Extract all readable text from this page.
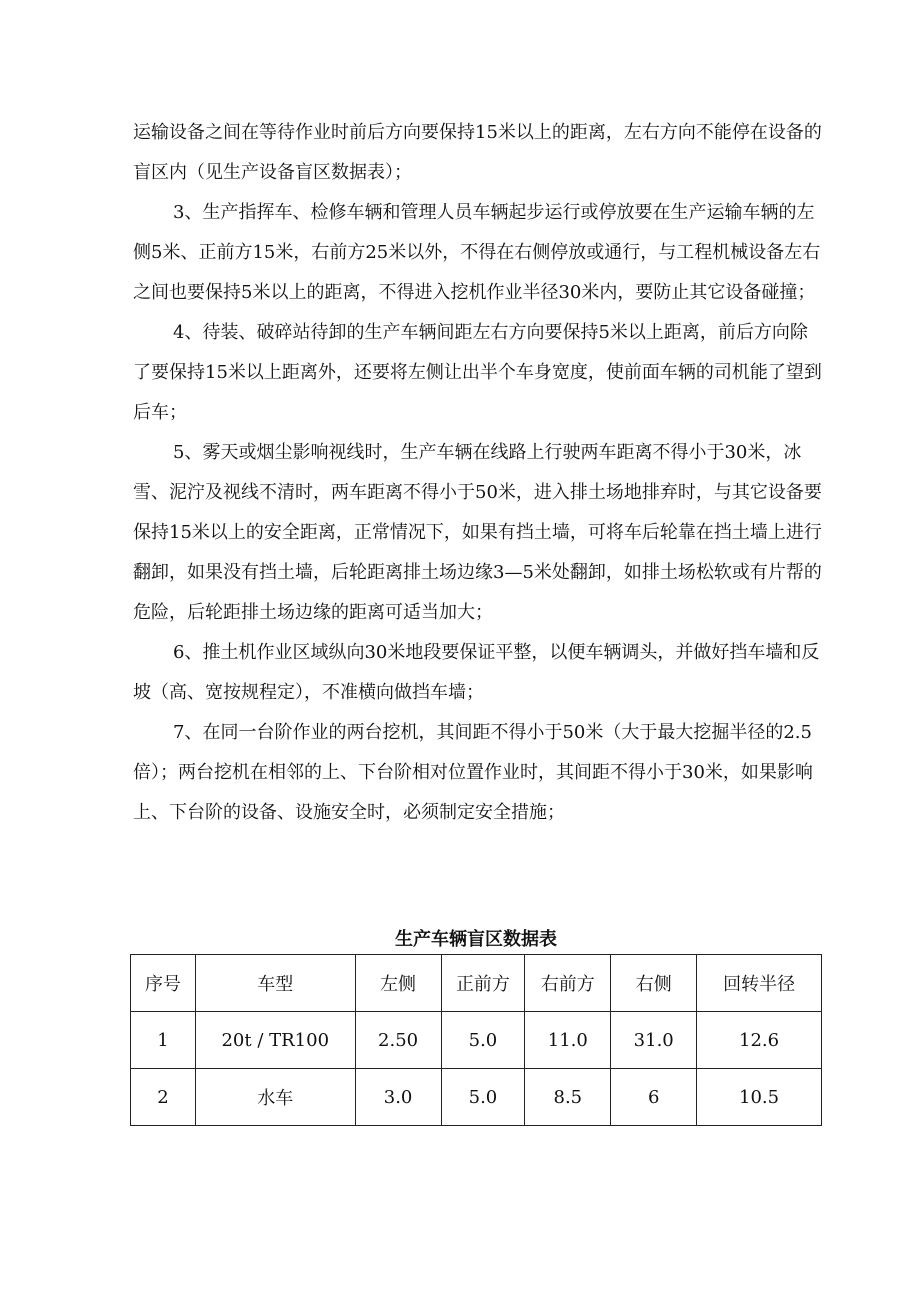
运输设备之间在等待作业时前后方向要保持15米以上的距离，左右方向不能停在设备的盲区内（见生产设备盲区数据表）；

3、生产指挥车、检修车辆和管理人员车辆起步运行或停放要在生产运输车辆的左侧5米、正前方15米，右前方25米以外，不得在右侧停放或通行，与工程机械设备左右之间也要保持5米以上的距离，不得进入挖机作业半径30米内，要防止其它设备碰撞；

4、待装、破碎站待卸的生产车辆间距左右方向要保持5米以上距离，前后方向除了要保持15米以上距离外，还要将左侧让出半个车身宽度，使前面车辆的司机能了望到后车；

5、雾天或烟尘影响视线时，生产车辆在线路上行驶两车距离不得小于30米，冰雪、泥泞及视线不清时，两车距离不得小于50米，进入排土场地排弃时，与其它设备要保持15米以上的安全距离，正常情况下，如果有挡土墙，可将车后轮靠在挡土墙上进行翻卸，如果没有挡土墙，后轮距离排土场边缘3—5米处翻卸，如排土场松软或有片帮的危险，后轮距排土场边缘的距离可适当加大；

6、推土机作业区域纵向30米地段要保证平整，以便车辆调头，并做好挡车墙和反坡（高、宽按规程定），不准横向做挡车墙；

7、在同一台阶作业的两台挖机，其间距不得小于50米（大于最大挖掘半径的2.5倍）；两台挖机在相邻的上、下台阶相对位置作业时，其间距不得小于30米，如果影响上、下台阶的设备、设施安全时，必须制定安全措施；

生产车辆盲区数据表
序号	车型	左侧	正前方	右前方	右侧	回转半径
1	20t / TR100	2.50	5.0	11.0	31.0	12.6
2	水车	3.0	5.0	8.5	6	10.5
